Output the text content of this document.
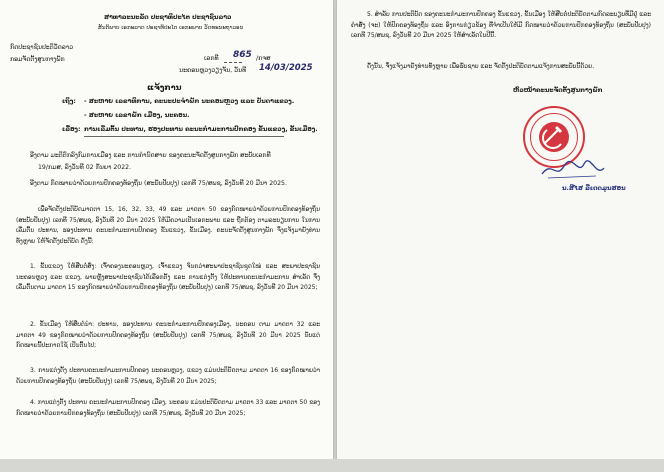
ສາທາລະນະລັດ ປະຊາທິປະໄຕ ປະຊາຊົນລາວ
ສັນຕິພາບ ເອກະລາດ ປະຊາທິປະໄຕ ເອກະພາບ ວັດທະນະຖາວອນ
ກົດປະຊາຊົນປະຕິວັດລາວ
ກອມຈັດຕັ້ງສູນກາງພັກ	ເລກທີ 865 /ກຈສ
ນະຄອນຫຼວງວຽງຈັນ, ວັນທີ 14/03/2025
ແຈ້ງການ
ເຖິງ: - ສະຫາຍ ເລຂາທິການ, ຄະນະປະຈຳພັກ ນະຄອນຫຼວງ ແລະ ບັນດາແຂວງ.
- ສະຫາຍ ເລຂາພັກ ເມືອງ, ນະຄອນ.
ເລື່ອງ: ການເລີ່ມຕົ້ນ ປະທານ, ຮອງປະທານ ຄະນະກຳມະການປົກຄອງ ຂັ້ນແຂວງ, ຂັ້ນເມືອງ.
ອີງຕາມ ມະຕິຕົກລົງກົມການເມືອງ ແລະ ການກຳນົດສາຍ ຂອງຄະນະຈັດຕັ້ງສູນກາງພັກ ສະບັບເລກທີ
19/ກມສ, ລົງວັນທີ 02 ກັນຍາ 2022.
ອີງຕາມ ກົດໝາຍວ່າດ້ວຍການປົກຄອງທ້ອງຖິ່ນ (ສະບັບປັບປຸງ) ເລກທີ 75/ສພຊ, ລົງວັນທີ 20 ມີນາ 2025.
ເພື່ອຈັດຕັ້ງປະຕິບັດມາດຕາ 15, 16, 32, 33, 49 ແລະ ມາດຕາ 50 ຂອງກົດໝາຍວ່າດ້ວຍການປົກຄອງທ້ອງຖິ່ນ (ສະບັບປັບປຸງ) ເລກທີ 75/ສພຊ, ລົງວັນທີ 20 ມີນາ 2025 ໃຫ້ມີຄວາມເປັນເອກະພາບ ແລະ ຖືກຕ້ອງ ຕາມລະບຽບການ ໃນການເລີ່ມຕົ້ນ ປະທານ, ຮອງປະທານ ຄະນະກຳມະການປົກຄອງ ຂັ້ນແຂວງ, ຂັ້ນເມືອງ. ຄະນະຈັດຕັ້ງສູນກາງພັກ ຈຶ່ງແຈ້ງມາຍັງທ່ານທັງຫຼາຍ ໃຫ້ຈັດຕັ້ງປະຕິບັດ ດັ່ງນີ້:
1. ຂັ້ນແຂວງ ໃຫ້ສືບຕໍ່ສົ່ງ: ເຈົ້າຄອງນະຄອນຫຼວງ, ເຈົ້າແຂວງ ຈົນກວ່າສະພາປະຊາຊົນຊຸດໃໝ່ ແລະ ສະພາປະຊາຊົນ ນະຄອນຫຼວງ ແລະ ແຂວງ, ພາຍຫຼັງສະພາປະຊາຊົນໄດ້ເລືອກຕັ້ງ ແລະ ການແຕ່ງຕັ້ງ ໃຫ້ປະທານຄະນະກຳມະການ ສຳເລັດ ຈຶ່ງເລີ່ມຕົ້ນຕາມ ມາດຕາ 15 ຂອງກົດໝາຍວ່າດ້ວຍການປົກຄອງທ້ອງຖິ່ນ (ສະບັບປັບປຸງ) ເລກທີ 75/ສພຊ, ລົງວັນທີ 20 ມີນາ 2025;
2. ຂັ້ນເມືອງ ໃຫ້ສືບຕໍ່ນຳ: ປະທານ, ຮອງປະທານ ຄະນະກຳມະການປົກຄອງເມືອງ, ນະຄອນ ຕາມ ມາດຕາ 32 ແລະ ມາດຕາ 49 ຂອງກົດໝາຍວ່າດ້ວຍການປົກຄອງທ້ອງຖິ່ນ (ສະບັບປັບປຸງ) ເລກທີ 75/ສພຊ, ລົງວັນທີ 20 ມີນາ 2025 ນັບແຕ່ກົດໝາຍນີ້ປະກາດໃຊ້ ເປັນຕົ້ນໄປ;
3. ການແຕ່ງຕັ້ງ ປະທານຄະນະກຳມະການປົກຄອງ ນະຄອນຫຼວງ, ແຂວງ ແມ່ນປະຕິບັດຕາມ ມາດຕາ 16 ຂອງກົດໝາຍວ່າດ້ວຍການປົກຄອງທ້ອງຖິ່ນ (ສະບັບປັບປຸງ) ເລກທີ 75/ສພຊ, ລົງວັນທີ 20 ມີນາ 2025;
4. ການແຕ່ງຕັ້ງ ປະທານ ຄະນະກຳມະການປົກຄອງ ເມືອງ, ນະຄອນ ແມ່ນປະຕິບັດຕາມ ມາດຕາ 33 ແລະ ມາດຕາ 50 ຂອງກົດໝາຍວ່າດ້ວຍການປົກຄອງທ້ອງຖິ່ນ (ສະບັບປັບປຸງ) ເລກທີ 75/ສພຊ, ລົງວັນທີ 20 ມີນາ 2025;
5. ສຳລັບ ການປະຕິບັດ ຂອງຄະນະກຳມະການປົກຄອງ ຂັ້ນແຂວງ, ຂັ້ນເມືອງ ໃຫ້ສືບຕໍ່ປະຕິບັດຕາມກົດລະບຽບທີ່ມີຢູ່ ແລະ ຄຳສັ່ງ (ຈະ) ໃຫ້ປົກຄອງທ້ອງຖິ່ນ ແລະ ອົງການກ່ຽວຂ້ອງ ທີ່ຈຳເປັນໃຫ້ມີ ກົດໝາຍວ່າດ້ວຍການປົກຄອງທ້ອງຖິ່ນ (ສະບັບປັບປຸງ) ເລກທີ 75/ສພຊ, ລົງວັນທີ 20 ມີນາ 2025 ໃຫ້ສຳເລັດໃນປີນີ້.
ດັ່ງນັ້ນ, ຈຶ່ງແຈ້ງມາຍັງທ່ານທັງຫຼາຍ ເພື່ອຮັບຊາບ ແລະ ຈັດຕັ້ງປະຕິບັດຕາມແຈ້ງການສະບັບນີ້ດ້ວຍ.
ຫົວໜ້າຄະນະຈັດຕັ້ງສູນກາງພັກ
ນ.ສີໄສ ລືເດດມູນສອນ
